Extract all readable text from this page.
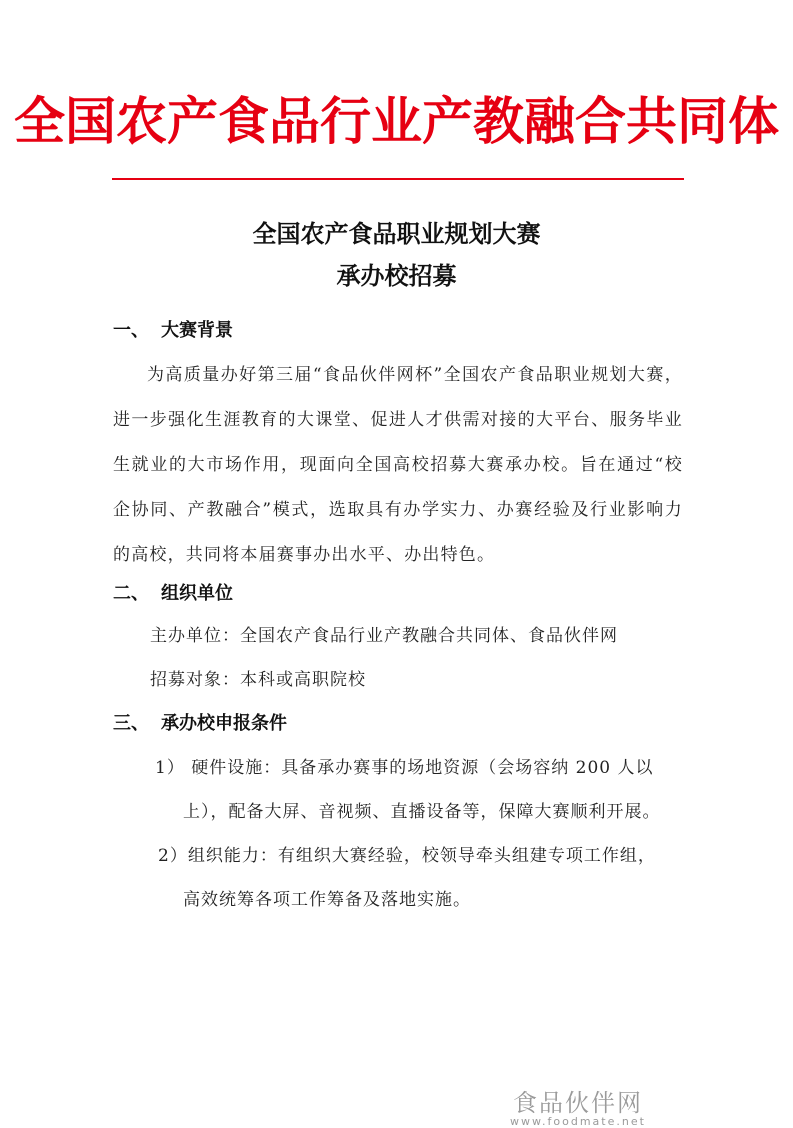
全国农产食品行业产教融合共同体
全国农产食品职业规划大赛
承办校招募
一、 大赛背景
为高质量办好第三届“食品伙伴网杯”全国农产食品职业规划大赛，进一步强化生涯教育的大课堂、促进人才供需对接的大平台、服务毕业生就业的大市场作用，现面向全国高校招募大赛承办校。旨在通过“校企协同、产教融合”模式，选取具有办学实力、办赛经验及行业影响力的高校，共同将本届赛事办出水平、办出特色。
二、 组织单位
主办单位：全国农产食品行业产教融合共同体、食品伙伴网
招募对象：本科或高职院校
三、 承办校申报条件
1） 硬件设施：具备承办赛事的场地资源（会场容纳 200 人以
上），配备大屏、音视频、直播设备等，保障大赛顺利开展。
2）组织能力：有组织大赛经验，校领导牵头组建专项工作组，
高效统筹各项工作筹备及落地实施。
食品伙伴网
www.foodmate.net
